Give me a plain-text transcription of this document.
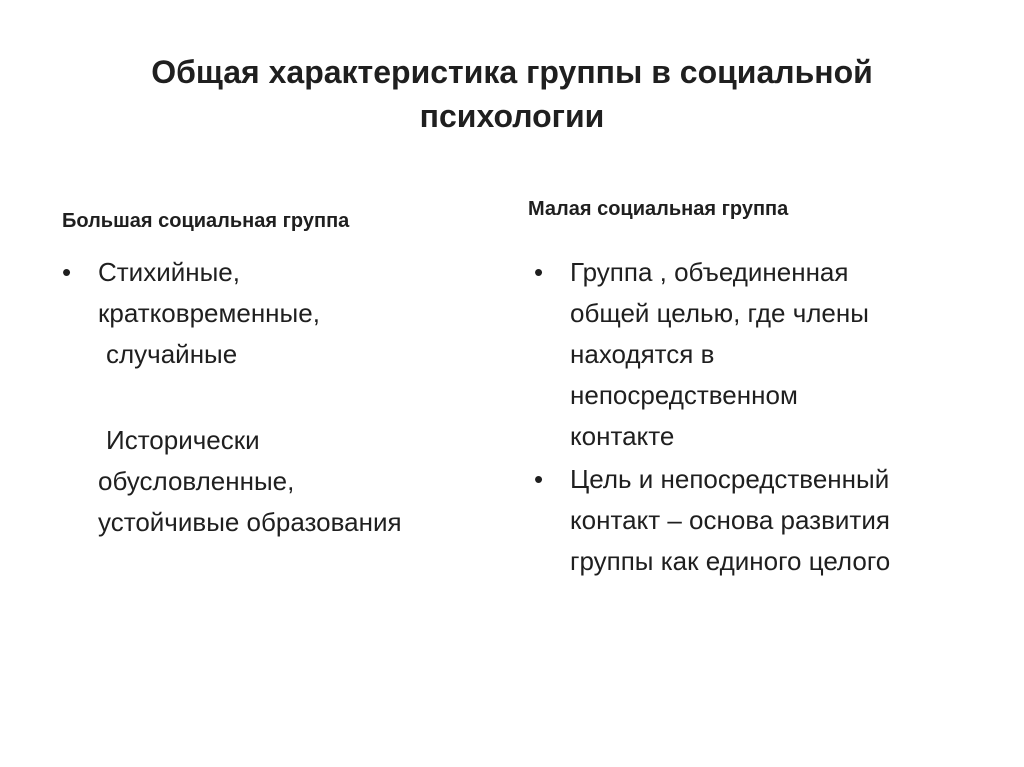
Общая характеристика группы в социальной
психологии
Большая социальная группа
Малая социальная группа
•	Стихийные,
кратковременные,
случайные
Исторически
обусловленные,
устойчивые образования
•	Группа , объединенная
общей целью, где члены
находятся в
непосредственном
контакте
•	Цель и непосредственный
контакт – основа развития
группы как единого целого
